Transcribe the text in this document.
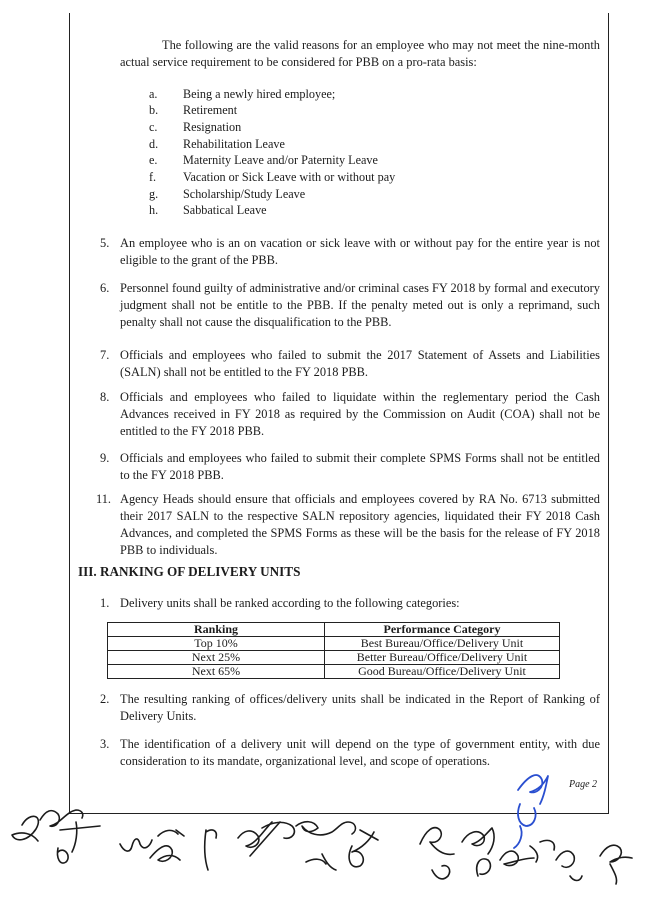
The following are the valid reasons for an employee who may not meet the nine-month actual service requirement to be considered for PBB on a pro-rata basis:
a.	Being a newly hired employee;
b.	Retirement
c.	Resignation
d.	Rehabilitation Leave
e.	Maternity Leave and/or Paternity Leave
f.	Vacation or Sick Leave with or without pay
g.	Scholarship/Study Leave
h.	Sabbatical Leave
5. An employee who is an on vacation or sick leave with or without pay for the entire year is not eligible to the grant of the PBB.
6. Personnel found guilty of administrative and/or criminal cases FY 2018 by formal and executory judgment shall not be entitle to the PBB. If the penalty meted out is only a reprimand, such penalty shall not cause the disqualification to the PBB.
7. Officials and employees who failed to submit the 2017 Statement of Assets and Liabilities (SALN) shall not be entitled to the FY 2018 PBB.
8. Officials and employees who failed to liquidate within the reglementary period the Cash Advances received in FY 2018 as required by the Commission on Audit (COA) shall not be entitled to the FY 2018 PBB.
9. Officials and employees who failed to submit their complete SPMS Forms shall not be entitled to the FY 2018 PBB.
11. Agency Heads should ensure that officials and employees covered by RA No. 6713 submitted their 2017 SALN to the respective SALN repository agencies, liquidated their FY 2018 Cash Advances, and completed the SPMS Forms as these will be the basis for the release of FY 2018 PBB to individuals.
III. RANKING OF DELIVERY UNITS
1. Delivery units shall be ranked according to the following categories:
Ranking	Performance Category
Top 10%	Best Bureau/Office/Delivery Unit
Next 25%	Better Bureau/Office/Delivery Unit
Next 65%	Good Bureau/Office/Delivery Unit
2. The resulting ranking of offices/delivery units shall be indicated in the Report of Ranking of Delivery Units.
3. The identification of a delivery unit will depend on the type of government entity, with due consideration to its mandate, organizational level, and scope of operations.
Page 2
